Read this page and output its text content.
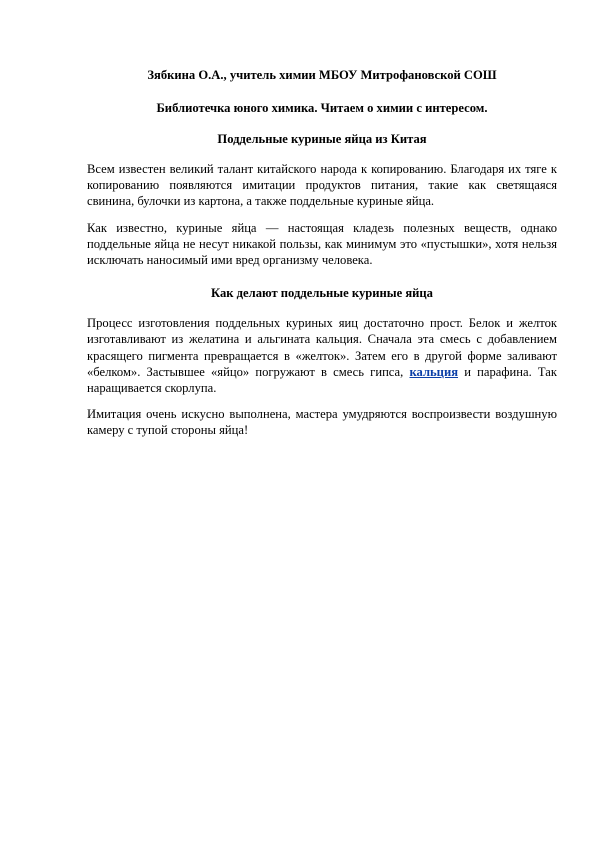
Зябкина О.А., учитель химии МБОУ Митрофановской СОШ
Библиотечка юного химика. Читаем о химии с интересом.
Поддельные куриные яйца из Китая

Всем известен великий талант китайского народа к копированию. Благодаря их тяге к копированию появляются имитации продуктов питания, такие как светящаяся свинина, булочки из картона, а также поддельные куриные яйца.

Как известно, куриные яйца — настоящая кладезь полезных веществ, однако поддельные яйца не несут никакой пользы, как минимум это «пустышки», хотя нельзя исключать наносимый ими вред организму человека.

Как делают поддельные куриные яйца

Процесс изготовления поддельных куриных яиц достаточно прост. Белок и желток изготавливают из желатина и альгината кальция. Сначала эта смесь с добавлением красящего пигмента превращается в «желток». Затем его в другой форме заливают «белком». Застывшее «яйцо» погружают в смесь гипса, кальция и парафина. Так наращивается скорлупа.

Имитация очень искусно выполнена, мастера умудряются воспроизвести воздушную камеру с тупой стороны яйца!
